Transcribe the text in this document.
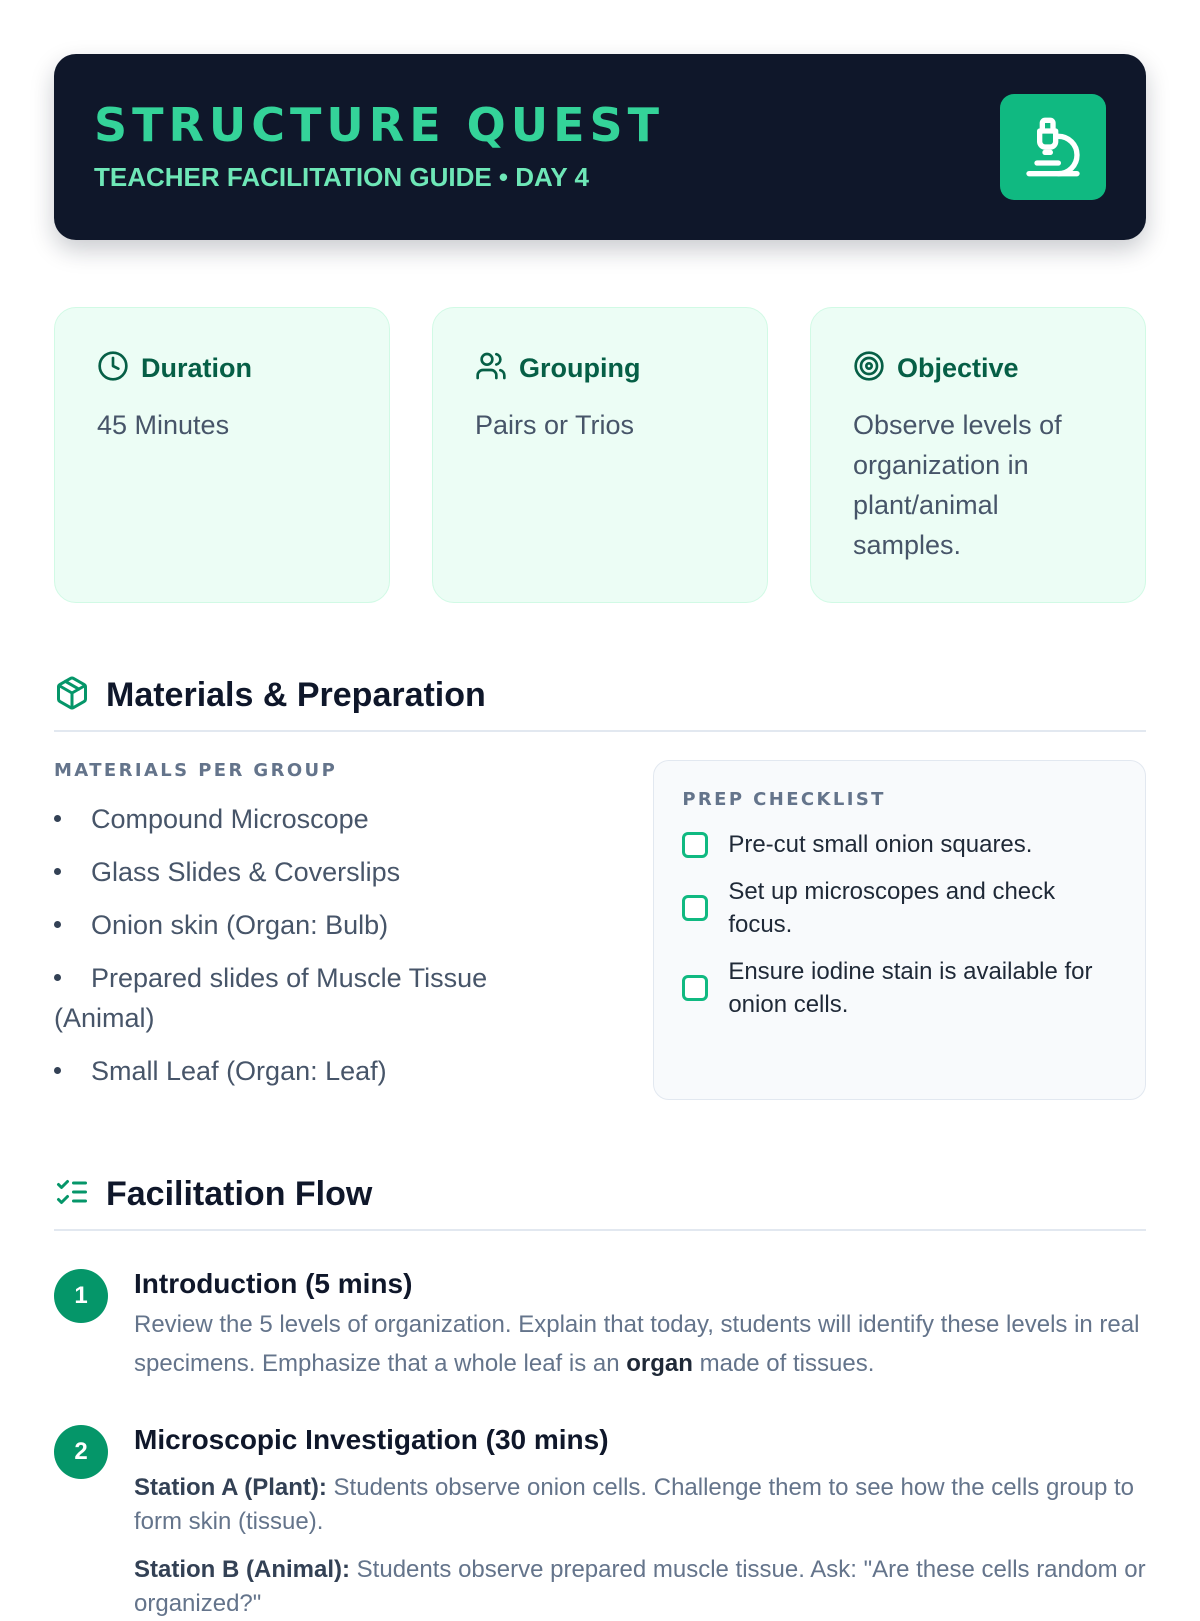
STRUCTURE QUEST
TEACHER FACILITATION GUIDE • DAY 4
Duration
45 Minutes
Grouping
Pairs or Trios
Objective
Observe levels of organization in plant/animal samples.
Materials & Preparation
MATERIALS PER GROUP
Compound Microscope
Glass Slides & Coverslips
Onion skin (Organ: Bulb)
Prepared slides of Muscle Tissue (Animal)
Small Leaf (Organ: Leaf)
PREP CHECKLIST
Pre-cut small onion squares.
Set up microscopes and check focus.
Ensure iodine stain is available for onion cells.
Facilitation Flow
1	Introduction (5 mins)
Review the 5 levels of organization. Explain that today, students will identify these levels in real specimens. Emphasize that a whole leaf is an organ made of tissues.
2	Microscopic Investigation (30 mins)
Station A (Plant): Students observe onion cells. Challenge them to see how the cells group to form skin (tissue).
Station B (Animal): Students observe prepared muscle tissue. Ask: "Are these cells random or organized?"
